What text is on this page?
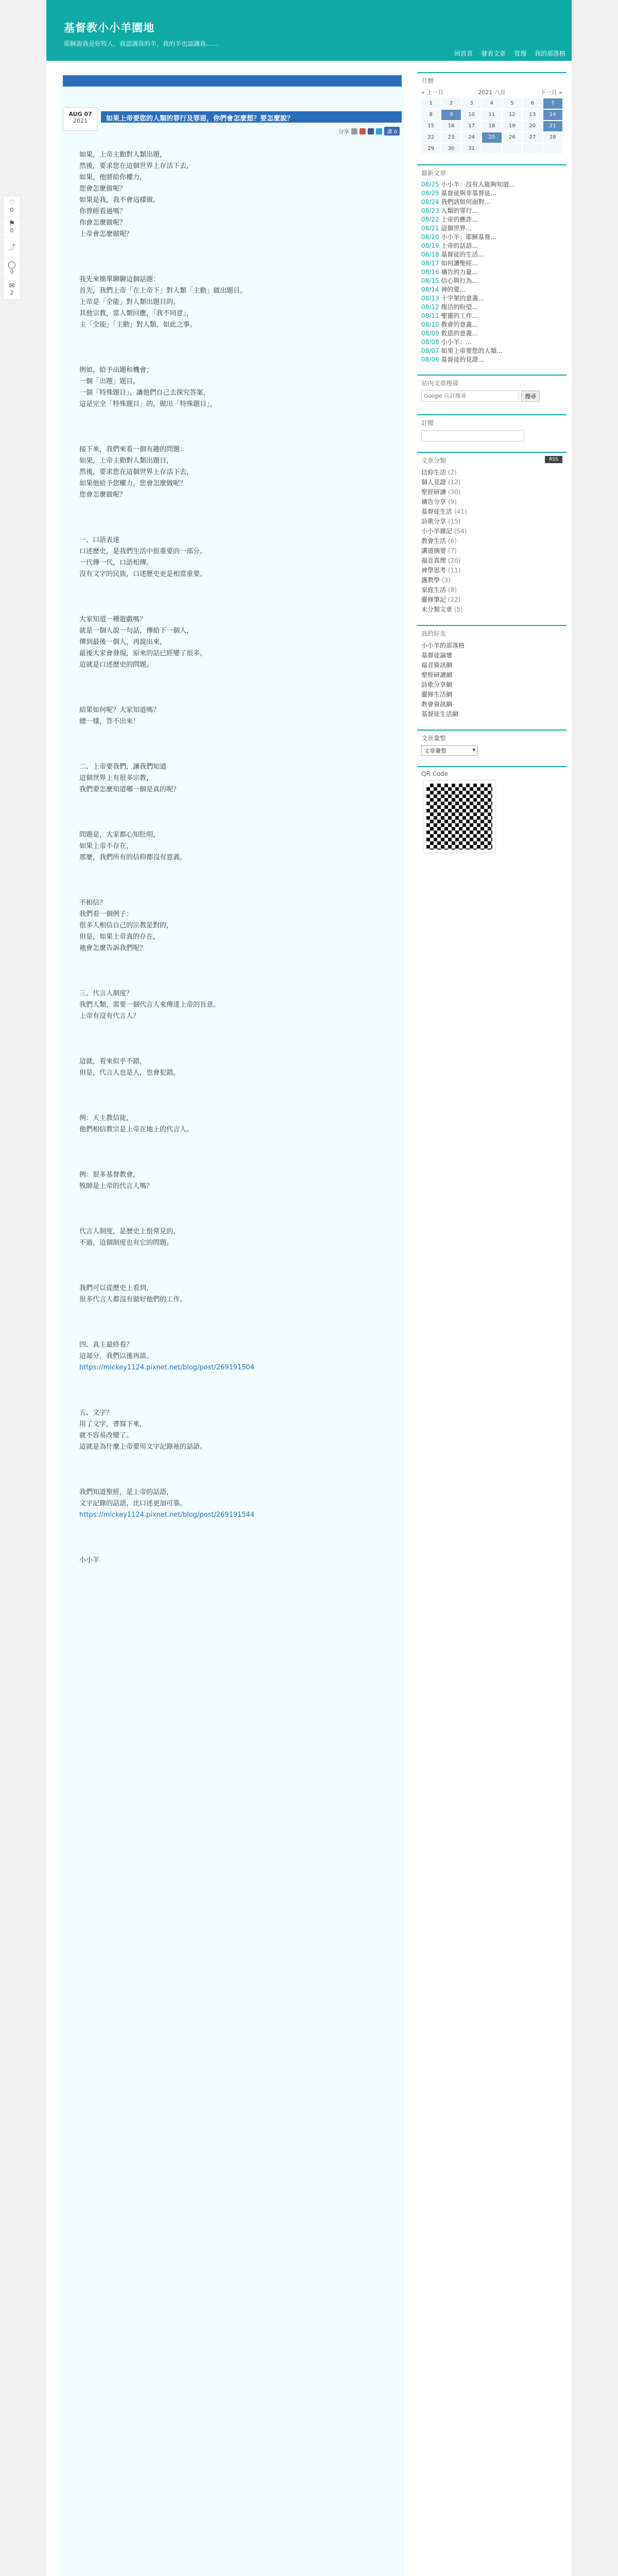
♡
0
⚑
0
⤴
◯
0
✉
2
基督教小小羊園地
耶穌說我是好牧人，我認識我的羊，我的羊也認識我……
回首頁 發表文章 管理 我的部落格
AUG 07
2021	如果上帝要您的人類的罪行及罪惡，你們會怎麼想？要怎麼說？
分享	讚 0

如果，上帝主動對人類出題，

然後，要求您在這個世界上存活下去，

如果，他將給你權力，

您會怎麼做呢？

如果是我，我不會這樣做。

你曾經看過嗎？

你會怎麼做呢？

上帝會怎麼做呢？

我先來簡單聊聊這個話題：

首先，我們上帝「在上帝下」對人類「主動」做出題目。

上帝是「全能」對人類出題目的。

其他宗教，當人類回應，「我不同意」，

主「全能」「主動」對人類，如此之事。

例如，給予出題和機會；

一個「出題」題目，

一個「特殊題目」，讓他們自己去探究答案，

這是完全「特殊題目」的，做出「特殊題目」，

接下來，我們來看一個有趣的問題：

如果，上帝主動對人類出題目，

然後，要求您在這個世界上存活下去，

如果他給予您權力，您會怎麼做呢？

您會怎麼做呢？

一、口語表達

口述歷史，是我們生活中很重要的一部分。

一代傳一代，口語相傳。

沒有文字的民族，口述歷史更是相當重要。

大家知道一種遊戲嗎？

就是一個人說一句話，傳給下一個人，

傳到最後一個人，再說出來，

最後大家會發現，原來的話已經變了很多。

這就是口述歷史的問題。

結果如何呢？大家知道嗎？

總一樣，答不出來！

二、上帝要我們，讓我們知道

這個世界上有很多宗教，

我們要怎麼知道哪一個是真的呢？

問題是，大家都心知肚明，

如果上帝不存在，

那麼，我們所有的信仰都沒有意義。

不相信？

我們看一個例子：

很多人相信自己的宗教是對的，

但是，如果上帝真的存在，

祂會怎麼告訴我們呢？

三、代言人制度？

我們人類，需要一個代言人來傳達上帝的旨意。

上帝有沒有代言人？

這就，看來似乎不錯，

但是，代言人也是人，也會犯錯。

例：天主教信徒，

他們相信教宗是上帝在地上的代言人。

例：很多基督教會，

牧師是上帝的代言人嗎？

代言人制度，是歷史上很常見的。

不過，這個制度也有它的問題。

我們可以從歷史上看到，

很多代言人都沒有做好他們的工作。

四、真主最終看？

這部分，我們以後再談。

https://mickey1124.pixnet.net/blog/post/269191504

五、文字？

用了文字，書寫下來，

就不容易改變了。

這就是為什麼上帝要用文字記錄祂的話語。

我們知道聖經，是上帝的話語，

文字記錄的話語，比口述更加可靠。

https://mickey1124.pixnet.net/blog/post/269191544

小小羊

月曆
« 上一月	2021 八月	下一月 »
1	2	3	4	5	6	7
8	9	10	11	12	13	14
15	16	17	18	19	20	21
22	23	24	25	26	27	28
29	30	31
最新文章
08/25 小小羊：沒有人能夠知道...
08/25 基督徒與非基督徒...
08/24 我們該如何面對...
08/23 人類的罪行...
08/22 上帝的應許...
08/21 這個世界...
08/20 小小羊：耶穌基督...
08/19 上帝的話語...
08/18 基督徒的生活...
08/17 如何讀聖經...
08/16 禱告的力量...
08/15 信心與行為...
08/14 神的愛...
08/13 十字架的意義...
08/12 復活的盼望...
08/11 聖靈的工作...
08/10 教會的意義...
08/09 救恩的意義...
08/08 小小羊：...
08/07 如果上帝要您的人類...
08/06 基督徒的見證...
站內文章搜尋
Google 自訂搜尋
搜尋
訂閱
文章分類	RSS
信仰生活 (2)
個人見證 (12)
聖經研讀 (30)
禱告分享 (9)
基督徒生活 (41)
詩歌分享 (15)
小小羊雜記 (54)
教會生活 (6)
講道摘要 (7)
福音真理 (20)
神學思考 (11)
護教學 (3)
家庭生活 (8)
靈修筆記 (22)
未分類文章 (5)
我的好友
小小羊的部落格
基督徒論壇
福音資訊網
聖經研讀網
詩歌分享網
靈修生活網
教會資訊網
基督徒生活網
文章彙整
文章彙整	▾
QR Code
